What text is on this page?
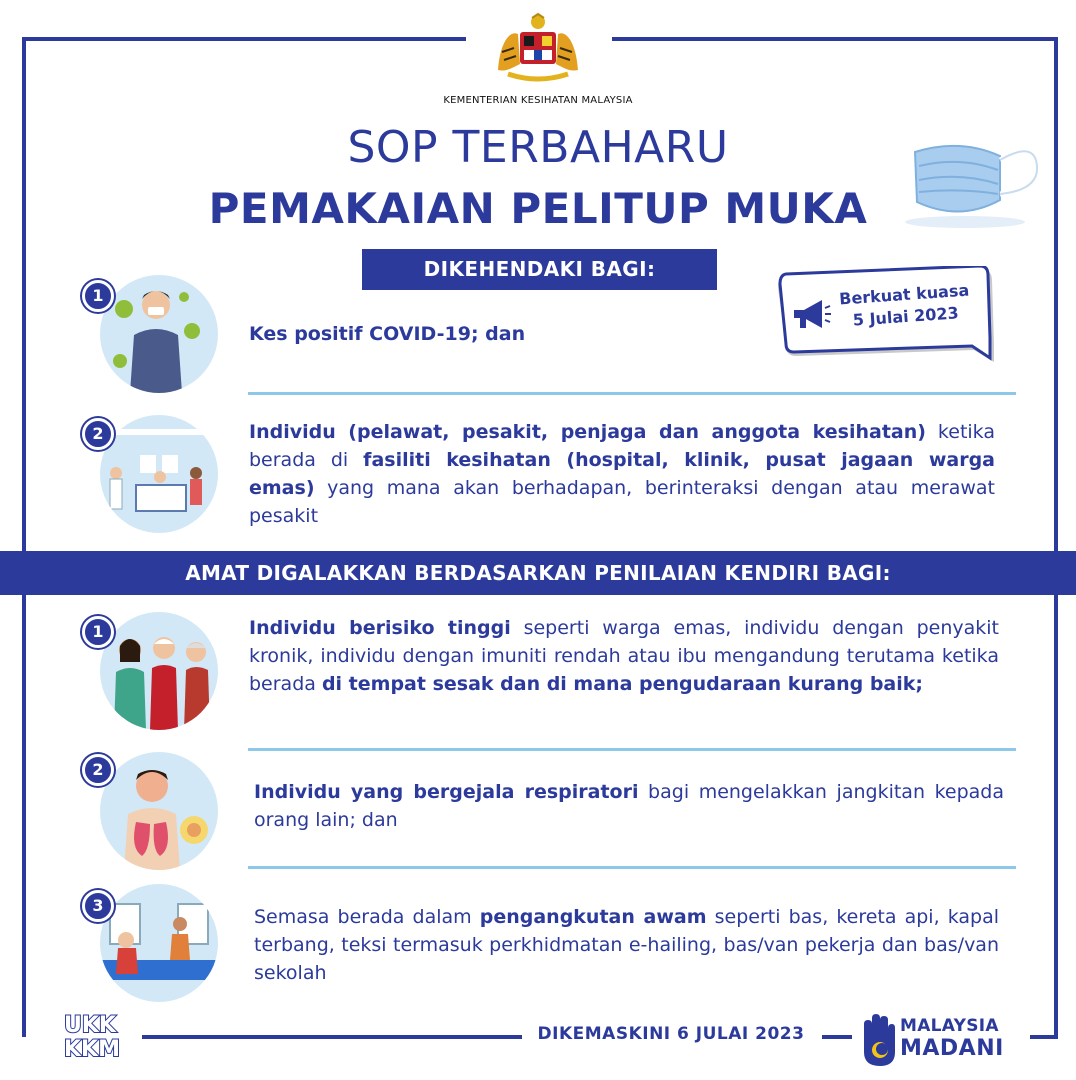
KEMENTERIAN KESIHATAN MALAYSIA
SOP TERBAHARU
PEMAKAIAN PELITUP MUKA
DIKEHENDAKI BAGI:
Berkuat kuasa
5 Julai 2023
1
Kes positif COVID-19; dan
2	Individu (pelawat, pesakit, penjaga dan anggota kesihatan) ketika berada di fasiliti kesihatan (hospital, klinik, pusat jagaan warga emas) yang mana akan berhadapan, berinteraksi dengan atau merawat pesakit
AMAT DIGALAKKAN BERDASARKAN PENILAIAN KENDIRI BAGI:
1	Individu berisiko tinggi seperti warga emas, individu dengan penyakit kronik, individu dengan imuniti rendah atau ibu mengandung terutama ketika berada di tempat sesak dan di mana pengudaraan kurang baik;
2
Individu yang bergejala respiratori bagi mengelakkan jangkitan kepada orang lain; dan
3
Semasa berada dalam pengangkutan awam seperti bas, kereta api, kapal terbang, teksi termasuk perkhidmatan e-hailing, bas/van pekerja dan bas/van sekolah
UKK
KKM
DIKEMASKINI 6 JULAI 2023	MALAYSIA
MADANI
